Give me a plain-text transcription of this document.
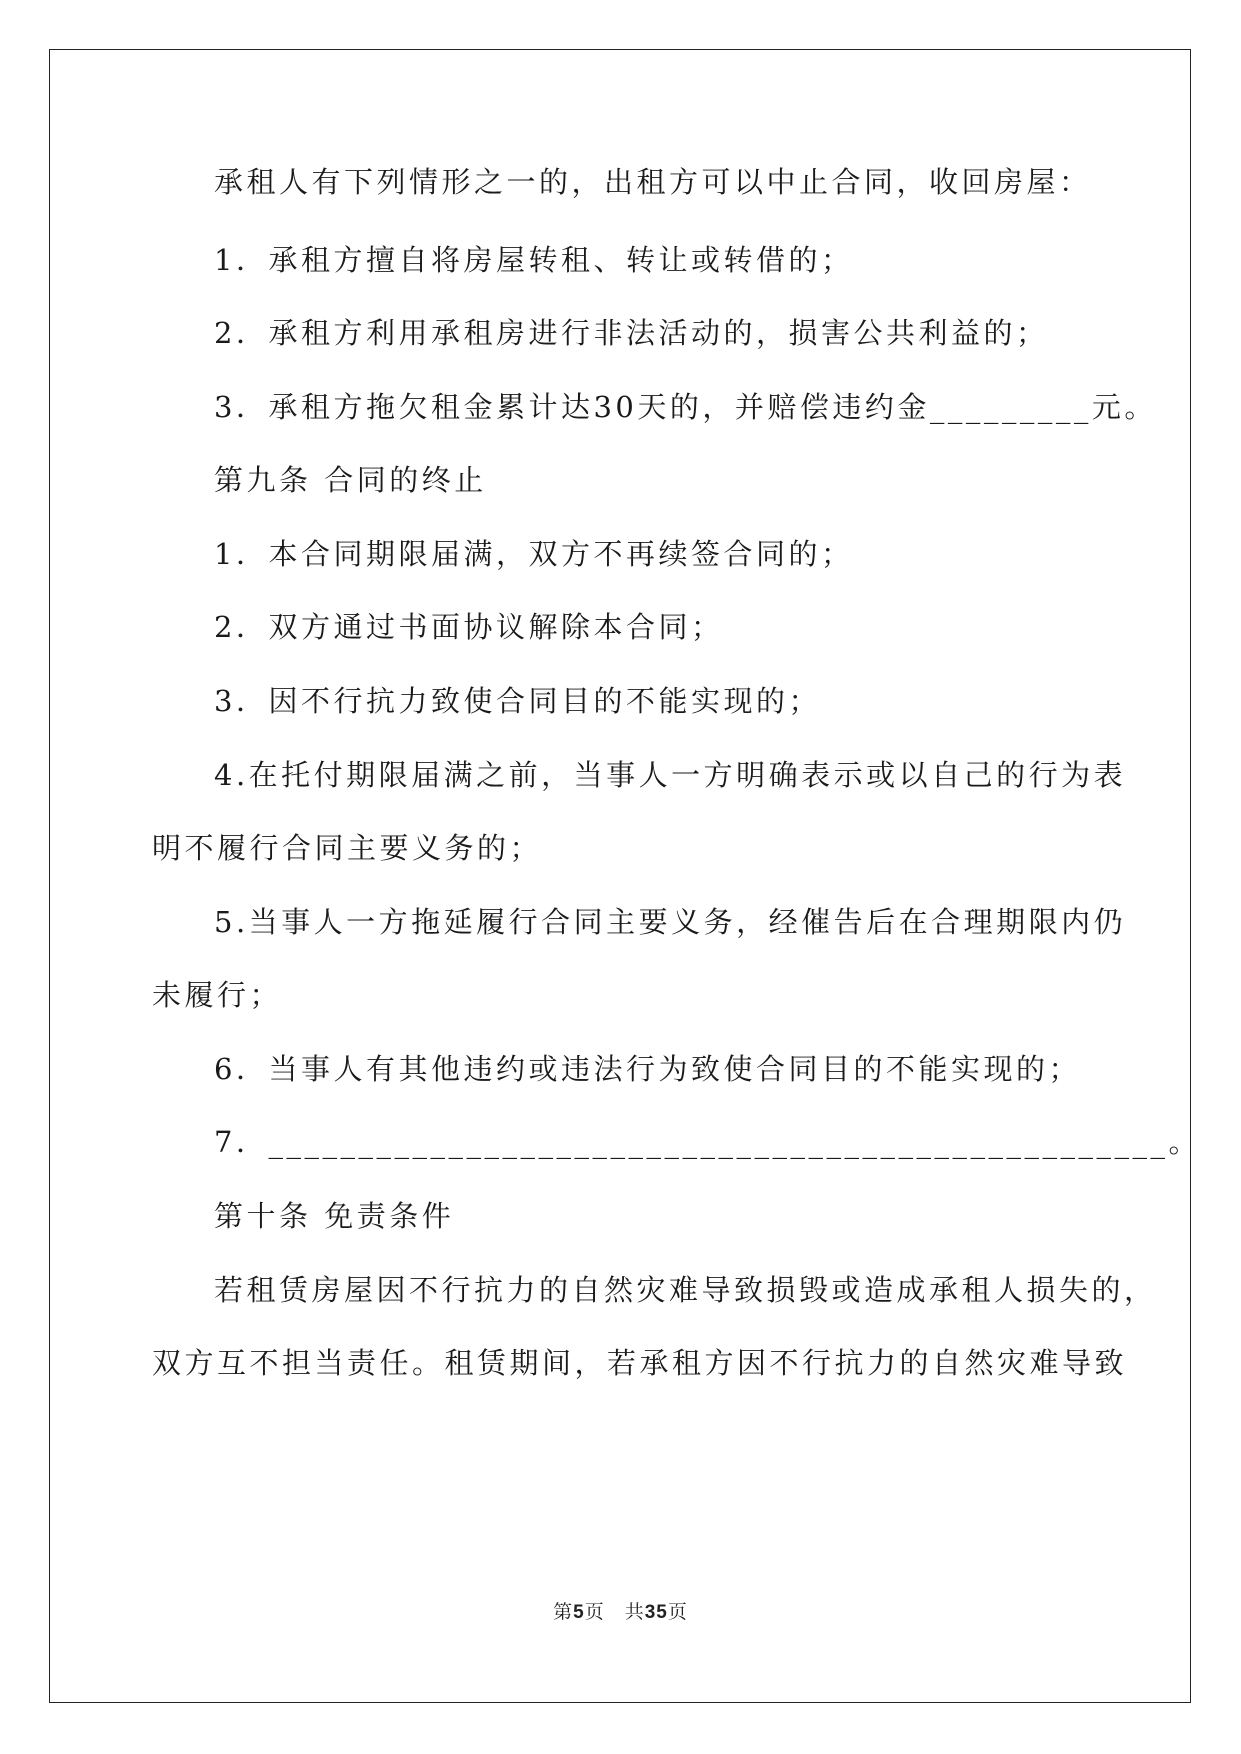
承租人有下列情形之一的，出租方可以中止合同，收回房屋：
1．承租方擅自将房屋转租、转让或转借的；
2．承租方利用承租房进行非法活动的，损害公共利益的；
3．承租方拖欠租金累计达30天的，并赔偿违约金_________元。
第九条 合同的终止
1．本合同期限届满，双方不再续签合同的；
2．双方通过书面协议解除本合同；
3．因不行抗力致使合同目的不能实现的；
4.在托付期限届满之前，当事人一方明确表示或以自己的行为表
明不履行合同主要义务的；
5.当事人一方拖延履行合同主要义务，经催告后在合理期限内仍
未履行；
6．当事人有其他违约或违法行为致使合同目的不能实现的；
7．__________________________________________________。
第十条 免责条件
若租赁房屋因不行抗力的自然灾难导致损毁或造成承租人损失的，
双方互不担当责任。租赁期间，若承租方因不行抗力的自然灾难导致
第5页　共35页
